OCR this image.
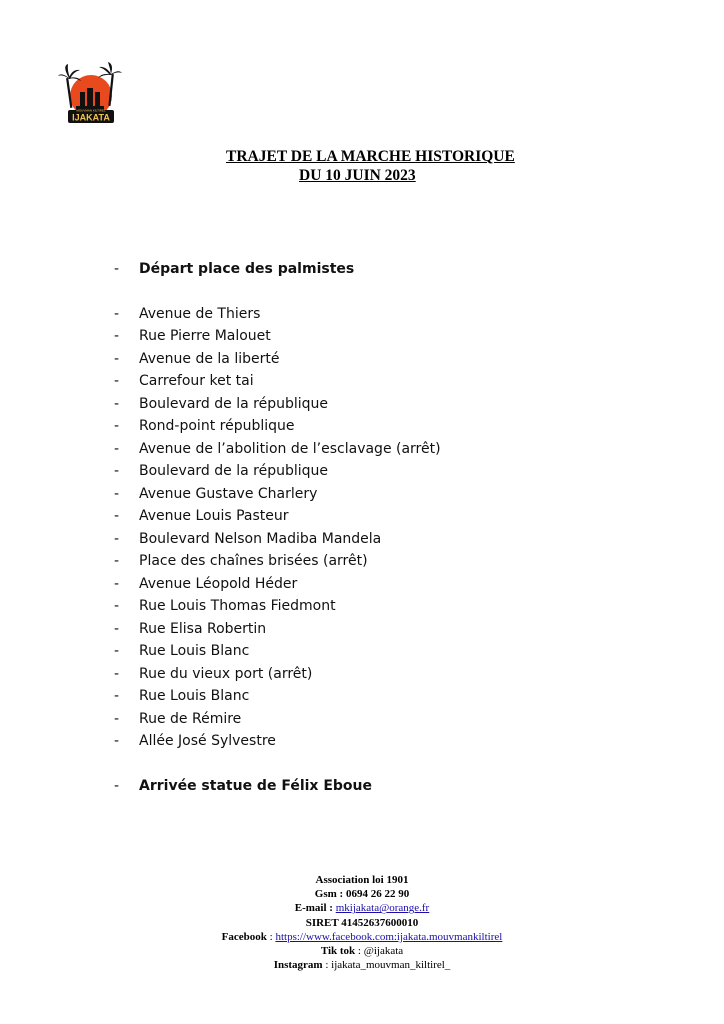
IJAKATA
MOUVMAN KILTIREL
TRAJET DE LA MARCHE HISTORIQUE
DU 10 JUIN 2023
- Départ place des palmistes
- Avenue de Thiers
- Rue Pierre Malouet
- Avenue de la liberté
- Carrefour ket tai
- Boulevard de la république
- Rond-point république
- Avenue de l’abolition de l’esclavage (arrêt)
- Boulevard de la république
- Avenue Gustave Charlery
- Avenue Louis Pasteur
- Boulevard Nelson Madiba Mandela
- Place des chaînes brisées (arrêt)
- Avenue Léopold Héder
- Rue Louis Thomas Fiedmont
- Rue Elisa Robertin
- Rue Louis Blanc
- Rue du vieux port (arrêt)
- Rue Louis Blanc
- Rue de Rémire
- Allée José Sylvestre
- Arrivée statue de Félix Eboue
Association loi 1901
Gsm : 0694 26 22 90
E-mail : mkijakata@orange.fr
SIRET 41452637600010
Facebook : https://www.facebook.com:ijakata.mouvmankiltirel
Tik tok : @ijakata
Instagram : ijakata_mouvman_kiltirel_
